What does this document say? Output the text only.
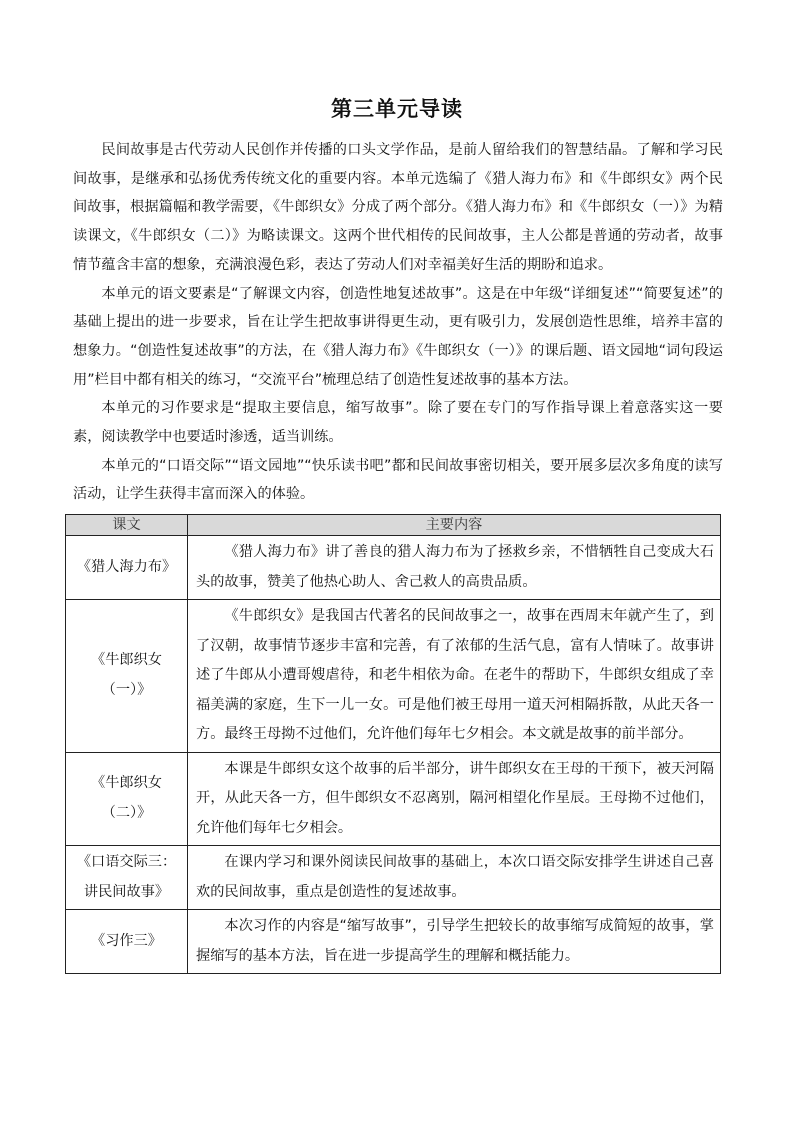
第三单元导读

民间故事是古代劳动人民创作并传播的口头文学作品，是前人留给我们的智慧结晶。了解和学习民间故事，是继承和弘扬优秀传统文化的重要内容。本单元选编了《猎人海力布》和《牛郎织女》两个民间故事，根据篇幅和教学需要，《牛郎织女》分成了两个部分。《猎人海力布》和《牛郎织女（一）》为精读课文，《牛郎织女（二）》为略读课文。这两个世代相传的民间故事，主人公都是普通的劳动者，故事情节蕴含丰富的想象，充满浪漫色彩，表达了劳动人们对幸福美好生活的期盼和追求。

本单元的语文要素是“了解课文内容，创造性地复述故事”。这是在中年级“详细复述”“简要复述”的基础上提出的进一步要求，旨在让学生把故事讲得更生动，更有吸引力，发展创造性思维，培养丰富的想象力。“创造性复述故事”的方法，在《猎人海力布》《牛郎织女（一）》的课后题、语文园地“词句段运用”栏目中都有相关的练习，“交流平台”梳理总结了创造性复述故事的基本方法。

本单元的习作要求是“提取主要信息，缩写故事”。除了要在专门的写作指导课上着意落实这一要素，阅读教学中也要适时渗透，适当训练。

本单元的“口语交际”“语文园地”“快乐读书吧”都和民间故事密切相关，要开展多层次多角度的读写活动，让学生获得丰富而深入的体验。

课文	主要内容

《猎人海力布》	《猎人海力布》讲了善良的猎人海力布为了拯救乡亲，不惜牺牲自己变成大石头的故事，赞美了他热心助人、舍己救人的高贵品质。

《牛郎织女
（一）》	《牛郎织女》是我国古代著名的民间故事之一，故事在西周末年就产生了，到了汉朝，故事情节逐步丰富和完善，有了浓郁的生活气息，富有人情味了。故事讲述了牛郎从小遭哥嫂虐待，和老牛相依为命。在老牛的帮助下，牛郎织女组成了幸福美满的家庭，生下一儿一女。可是他们被王母用一道天河相隔拆散，从此天各一方。最终王母拗不过他们，允许他们每年七夕相会。本文就是故事的前半部分。

《牛郎织女
（二）》	本课是牛郎织女这个故事的后半部分，讲牛郎织女在王母的干预下，被天河隔开，从此天各一方，但牛郎织女不忍离别，隔河相望化作星辰。王母拗不过他们，允许他们每年七夕相会。

《口语交际三：
讲民间故事》	在课内学习和课外阅读民间故事的基础上，本次口语交际安排学生讲述自己喜欢的民间故事，重点是创造性的复述故事。

《习作三》	本次习作的内容是“缩写故事”，引导学生把较长的故事缩写成简短的故事，掌握缩写的基本方法，旨在进一步提高学生的理解和概括能力。
